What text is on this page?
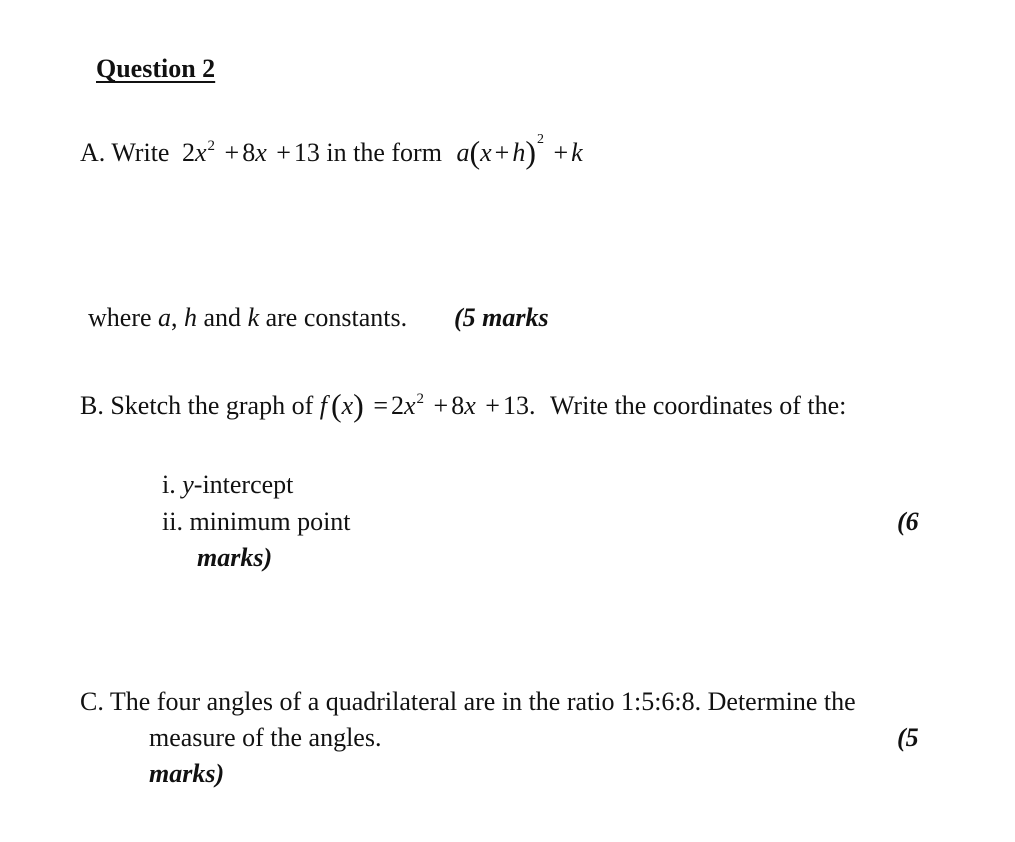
Question 2
A. Write $2x^2 + 8x + 13$ in the form $a(x + h)^2 + k$
where a, h and k are constants. (5 marks
B. Sketch the graph of f $(x) = 2x^2 + 8x + 13$. Write the coordinates of the:
i. y-intercept
ii. minimum point	(6
marks)
C. The four angles of a quadrilateral are in the ratio 1:5:6:8. Determine the
measure of the angles.	(5
marks)
